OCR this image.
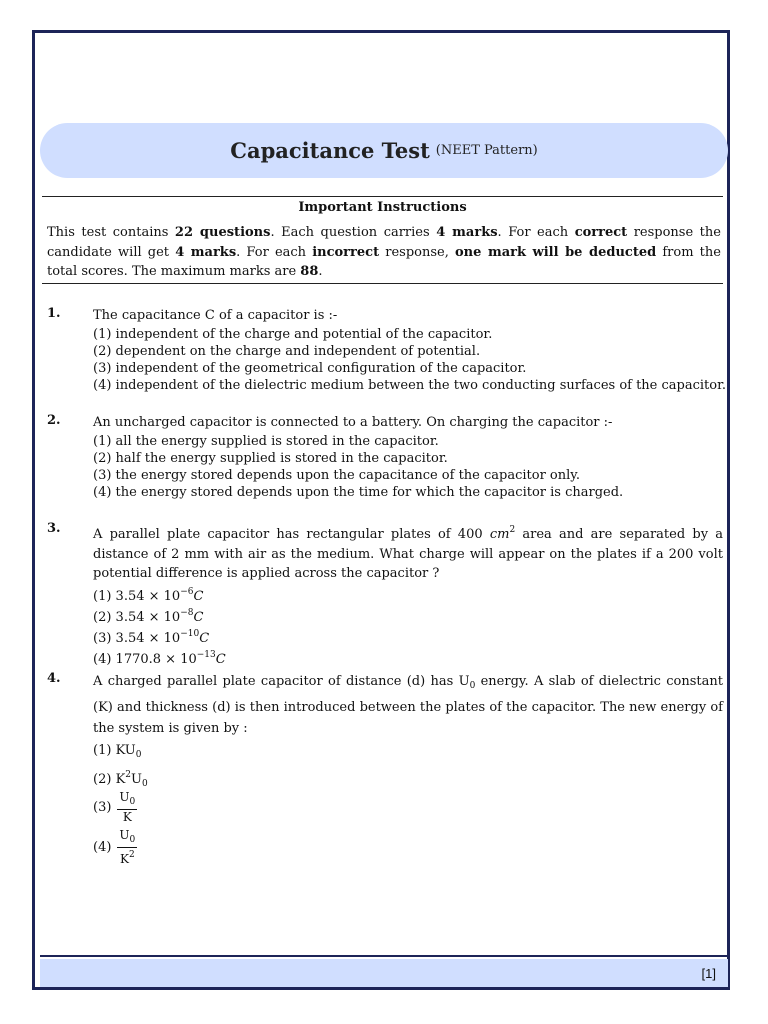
Capacitance Test (NEET Pattern)
Important Instructions
This test contains 22 questions. Each question carries 4 marks. For each correct response the candidate will get 4 marks. For each incorrect response, one mark will be deducted from the total scores. The maximum marks are 88.
1. The capacitance C of a capacitor is :-
(1) independent of the charge and potential of the capacitor.
(2) dependent on the charge and independent of potential.
(3) independent of the geometrical configuration of the capacitor.
(4) independent of the dielectric medium between the two conducting surfaces of the capacitor.
2. An uncharged capacitor is connected to a battery. On charging the capacitor :-
(1) all the energy supplied is stored in the capacitor.
(2) half the energy supplied is stored in the capacitor.
(3) the energy stored depends upon the capacitance of the capacitor only.
(4) the energy stored depends upon the time for which the capacitor is charged.
3. A parallel plate capacitor has rectangular plates of 400 $cm^2$ area and are separated by a distance of 2 mm with air as the medium. What charge will appear on the plates if a 200 volt potential difference is applied across the capacitor ?
(1) $3.54 \times 10^{-6}C$
(2) $3.54 \times 10^{-8}C$
(3) $3.54 \times 10^{-10}C$
(4) $1770.8 \times 10^{-13}C$
4. A charged parallel plate capacitor of distance (d) has $U_0$ energy. A slab of dielectric constant (K) and thickness (d) is then introduced between the plates of the capacitor. The new energy of the system is given by :
(1) $KU_0$
(2) $K^2U_0$
$(3) \frac{U_0}{K}$
$(4) \frac{U_0}{K^2}$
[1]
